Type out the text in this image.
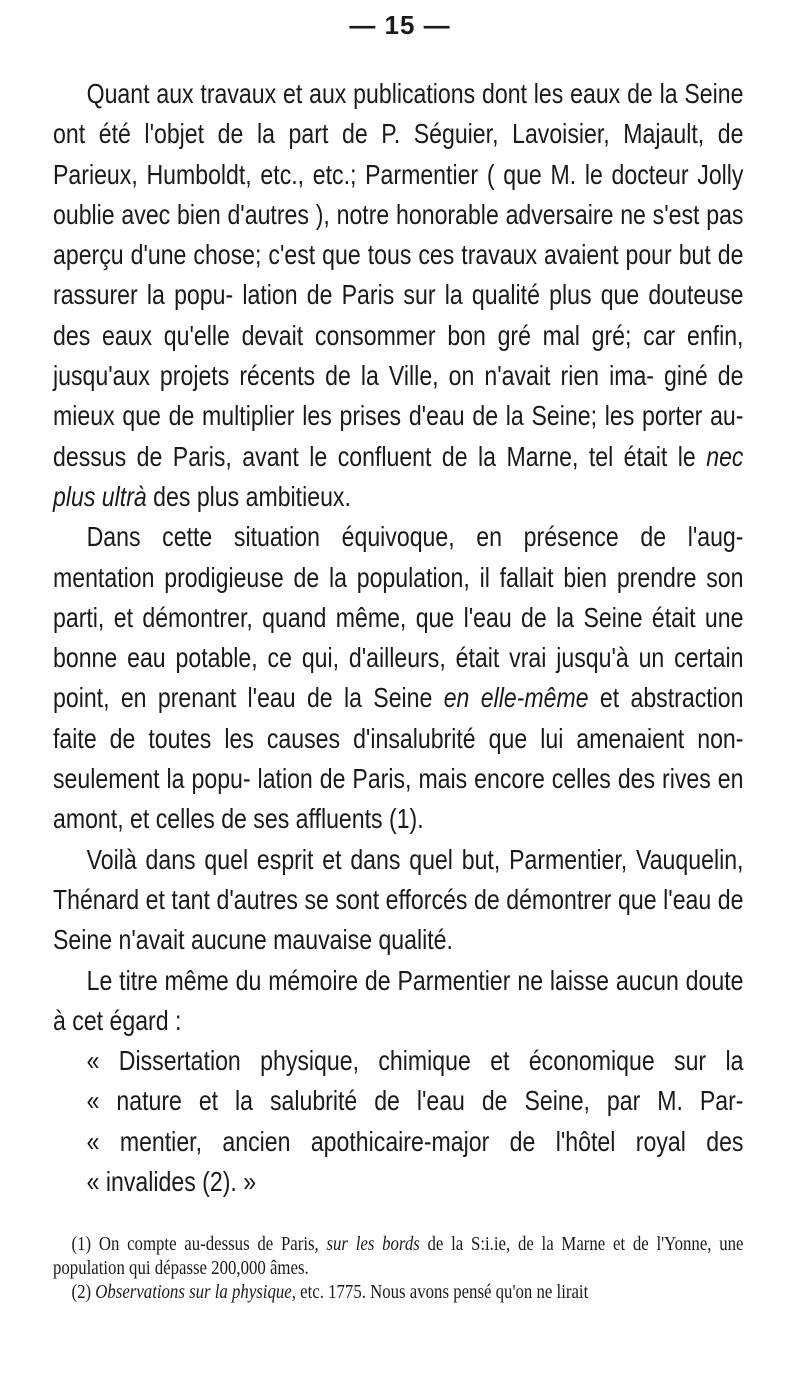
— 15 —

Quant aux travaux et aux publications dont les eaux de la Seine ont été l'objet de la part de P. Séguier, Lavoisier, Majault, de Parieux, Humboldt, etc., etc.; Parmentier ( que M. le docteur Jolly oublie avec bien d'autres ), notre honorable adversaire ne s'est pas aperçu d'une chose; c'est que tous ces travaux avaient pour but de rassurer la popu- lation de Paris sur la qualité plus que douteuse des eaux qu'elle devait consommer bon gré mal gré; car enfin, jusqu'aux projets récents de la Ville, on n'avait rien ima- giné de mieux que de multiplier les prises d'eau de la Seine; les porter au-dessus de Paris, avant le confluent de la Marne, tel était le nec plus ultrà des plus ambitieux.

Dans cette situation équivoque, en présence de l'aug- mentation prodigieuse de la population, il fallait bien prendre son parti, et démontrer, quand même, que l'eau de la Seine était une bonne eau potable, ce qui, d'ailleurs, était vrai jusqu'à un certain point, en prenant l'eau de la Seine en elle-même et abstraction faite de toutes les causes d'insalubrité que lui amenaient non-seulement la popu- lation de Paris, mais encore celles des rives en amont, et celles de ses affluents (1).

Voilà dans quel esprit et dans quel but, Parmentier, Vauquelin, Thénard et tant d'autres se sont efforcés de démontrer que l'eau de Seine n'avait aucune mauvaise qualité.

Le titre même du mémoire de Parmentier ne laisse aucun doute à cet égard :

« Dissertation physique, chimique et économique sur la

« nature et la salubrité de l'eau de Seine, par M. Par-

« mentier, ancien apothicaire-major de l'hôtel royal des

« invalides (2). »

(1) On compte au-dessus de Paris, sur les bords de la S:i.ie, de la Marne et de l'Yonne, une population qui dépasse 200,000 âmes.

(2) Observations sur la physique, etc. 1775. Nous avons pensé qu'on ne lirait
